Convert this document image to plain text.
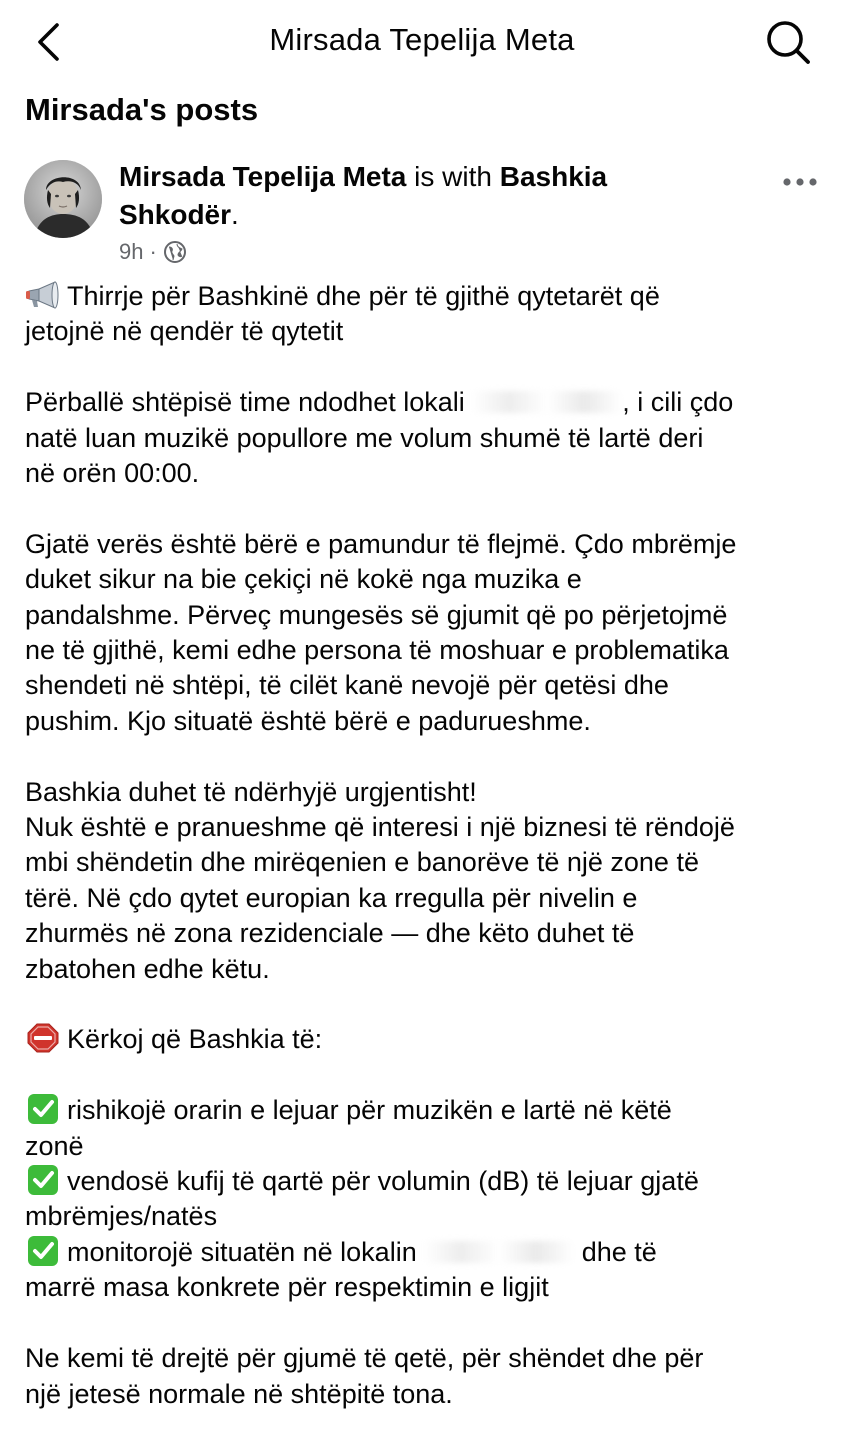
Mirsada Tepelija Meta
Mirsada's posts
Mirsada Tepelija Meta is with Bashkia Shkodër.
9h ·
Thirrje për Bashkinë dhe për të gjithë qytetarët që
jetojnë në qendër të qytetit
Përballë shtëpisë time ndodhet lokali	, i cili çdo
natë luan muzikë popullore me volum shumë të lartë deri
në orën 00:00.
Gjatë verës është bërë e pamundur të flejmë. Çdo mbrëmje
duket sikur na bie çekiçi në kokë nga muzika e
pandalshme. Përveç mungesës së gjumit që po përjetojmë
ne të gjithë, kemi edhe persona të moshuar e problematika
shendeti në shtëpi, të cilët kanë nevojë për qetësi dhe
pushim. Kjo situatë është bërë e padurueshme.
Bashkia duhet të ndërhyjë urgjentisht!
Nuk është e pranueshme që interesi i një biznesi të rëndojë
mbi shëndetin dhe mirëqenien e banorëve të një zone të
tërë. Në çdo qytet europian ka rregulla për nivelin e
zhurmës në zona rezidenciale — dhe këto duhet të
zbatohen edhe këtu.
Kërkoj që Bashkia të:
rishikojë orarin e lejuar për muzikën e lartë në këtë
zonë
vendosë kufij të qartë për volumin (dB) të lejuar gjatë
mbrëmjes/natës
monitorojë situatën në lokalin	dhe të
marrë masa konkrete për respektimin e ligjit
Ne kemi të drejtë për gjumë të qetë, për shëndet dhe për
një jetesë normale në shtëpitë tona.
